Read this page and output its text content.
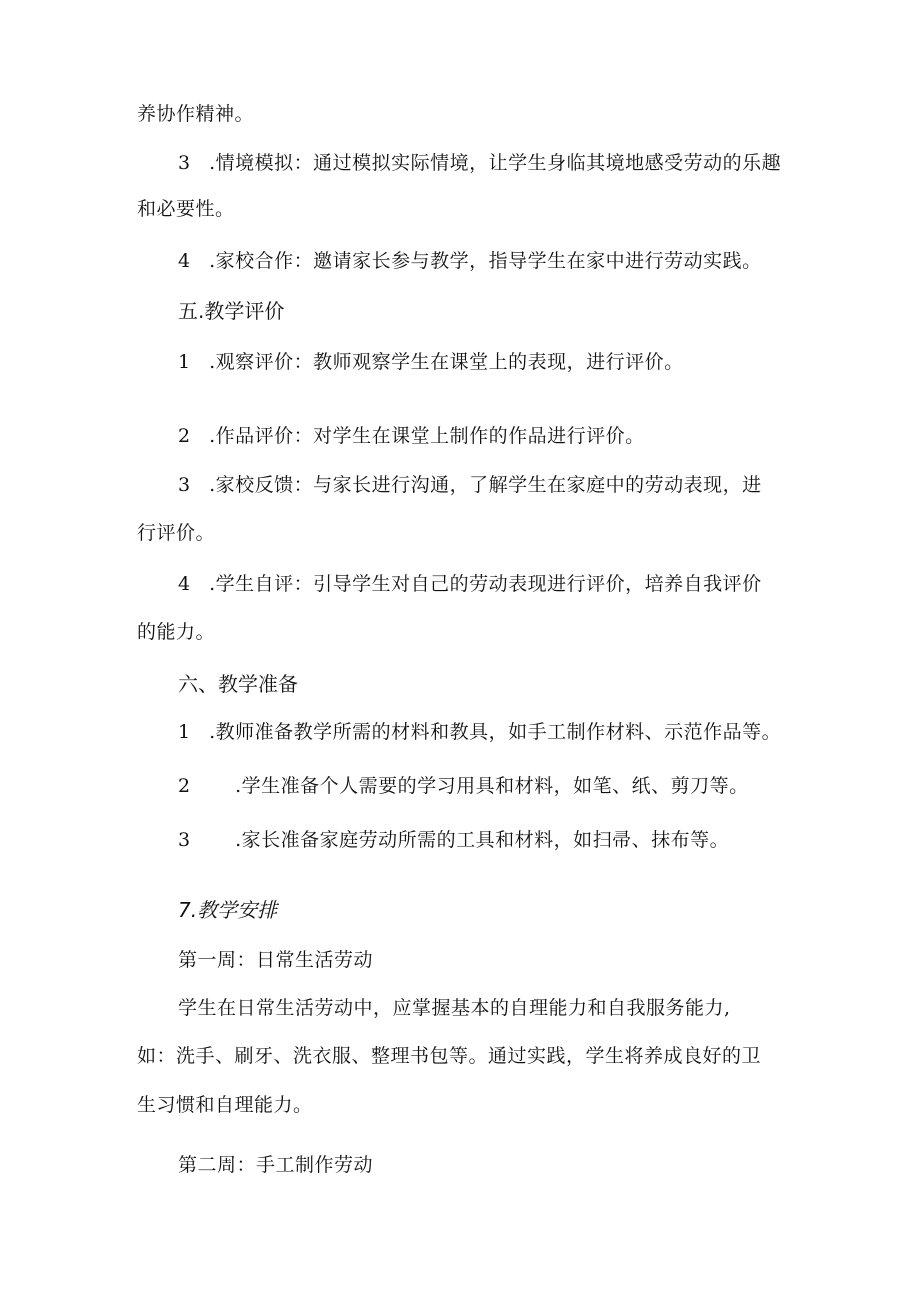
养协作精神。
3 .情境模拟：通过模拟实际情境，让学生身临其境地感受劳动的乐趣
和必要性。
4 .家校合作：邀请家长参与教学，指导学生在家中进行劳动实践。
五.教学评价
1 .观察评价：教师观察学生在课堂上的表现，进行评价。
2 .作品评价：对学生在课堂上制作的作品进行评价。
3 .家校反馈：与家长进行沟通，了解学生在家庭中的劳动表现，进
行评价。
4 .学生自评：引导学生对自己的劳动表现进行评价，培养自我评价
的能力。
六、教学准备
1 .教师准备教学所需的材料和教具，如手工制作材料、示范作品等。
2 .学生准备个人需要的学习用具和材料，如笔、纸、剪刀等。
3 .家长准备家庭劳动所需的工具和材料，如扫帚、抹布等。
7.教学安排
第一周：日常生活劳动
学生在日常生活劳动中，应掌握基本的自理能力和自我服务能力,
如：洗手、刷牙、洗衣服、整理书包等。通过实践，学生将养成良好的卫
生习惯和自理能力。
第二周：手工制作劳动
